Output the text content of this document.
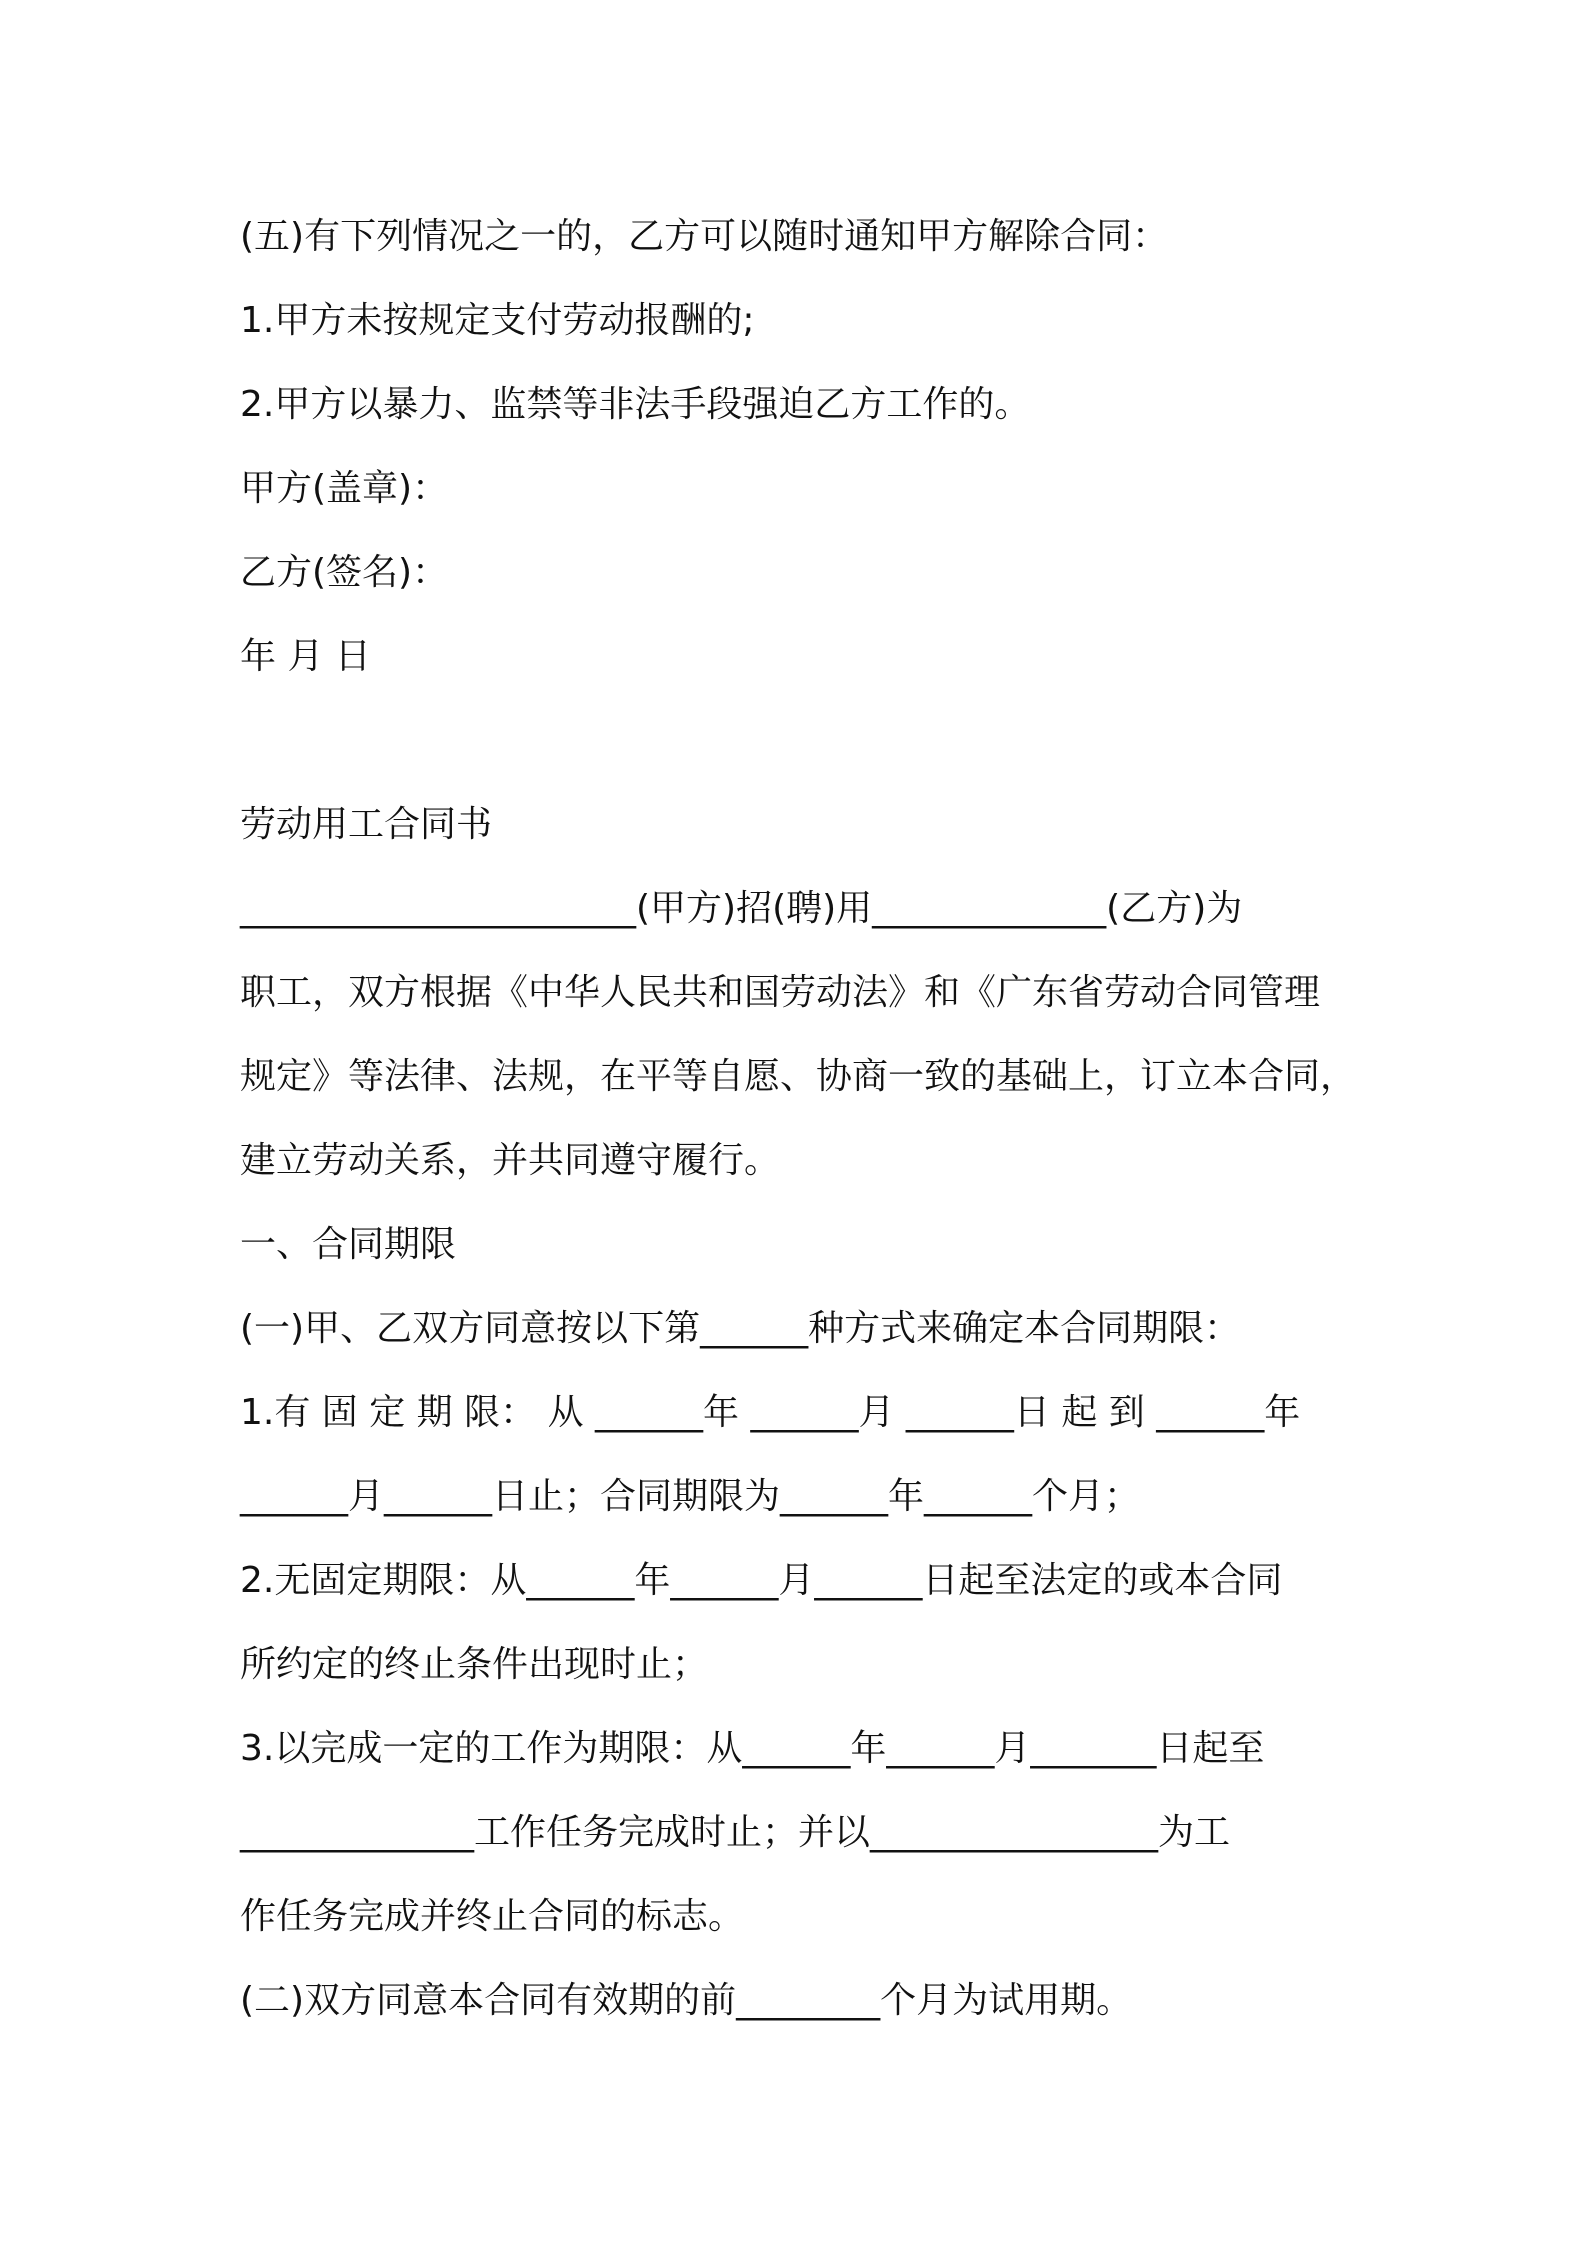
(五)有下列情况之一的，乙方可以随时通知甲方解除合同：
1.甲方未按规定支付劳动报酬的;
2.甲方以暴力、监禁等非法手段强迫乙方工作的。
甲方(盖章)：
乙方(签名)：
年 月 日
劳动用工合同书
______________________(甲方)招(聘)用_____________(乙方)为
职工，双方根据《中华人民共和国劳动法》和《广东省劳动合同管理
规定》等法律、法规，在平等自愿、协商一致的基础上，订立本合同，
建立劳动关系，并共同遵守履行。
一、合同期限
(一)甲、乙双方同意按以下第______种方式来确定本合同期限：
1.有 固 定 期 限： 从 ______年 ______月 ______日 起 到 ______年
______月______日止；合同期限为______年______个月；
2.无固定期限：从______年______月______日起至法定的或本合同
所约定的终止条件出现时止；
3.以完成一定的工作为期限：从______年______月_______日起至
_____________工作任务完成时止；并以________________为工
作任务完成并终止合同的标志。
(二)双方同意本合同有效期的前________个月为试用期。
